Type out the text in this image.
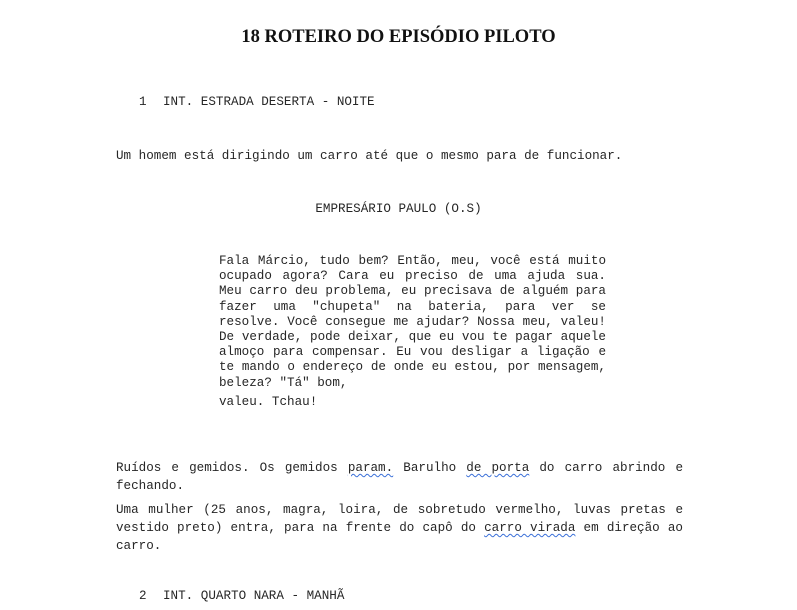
18 ROTEIRO DO EPISÓDIO PILOTO
1 INT. ESTRADA DESERTA - NOITE
Um homem está dirigindo um carro até que o mesmo para de funcionar.
EMPRESÁRIO PAULO (O.S)
Fala Márcio, tudo bem? Então, meu, você está muito ocupado agora? Cara eu preciso de uma ajuda sua. Meu carro deu problema, eu precisava de alguém para fazer uma "chupeta" na bateria, para ver se resolve. Você consegue me ajudar? Nossa meu, valeu! De verdade, pode deixar, que eu vou te pagar aquele almoço para compensar. Eu vou desligar a ligação e te mando o endereço de onde eu estou, por mensagem, beleza? "Tá" bom,
valeu. Tchau!
Ruídos e gemidos. Os gemidos param. Barulho de porta do carro abrindo e fechando.
Uma mulher (25 anos, magra, loira, de sobretudo vermelho, luvas pretas e vestido preto) entra, para na frente do capô do carro virada em direção ao carro.
2 INT. QUARTO NARA - MANHÃ
